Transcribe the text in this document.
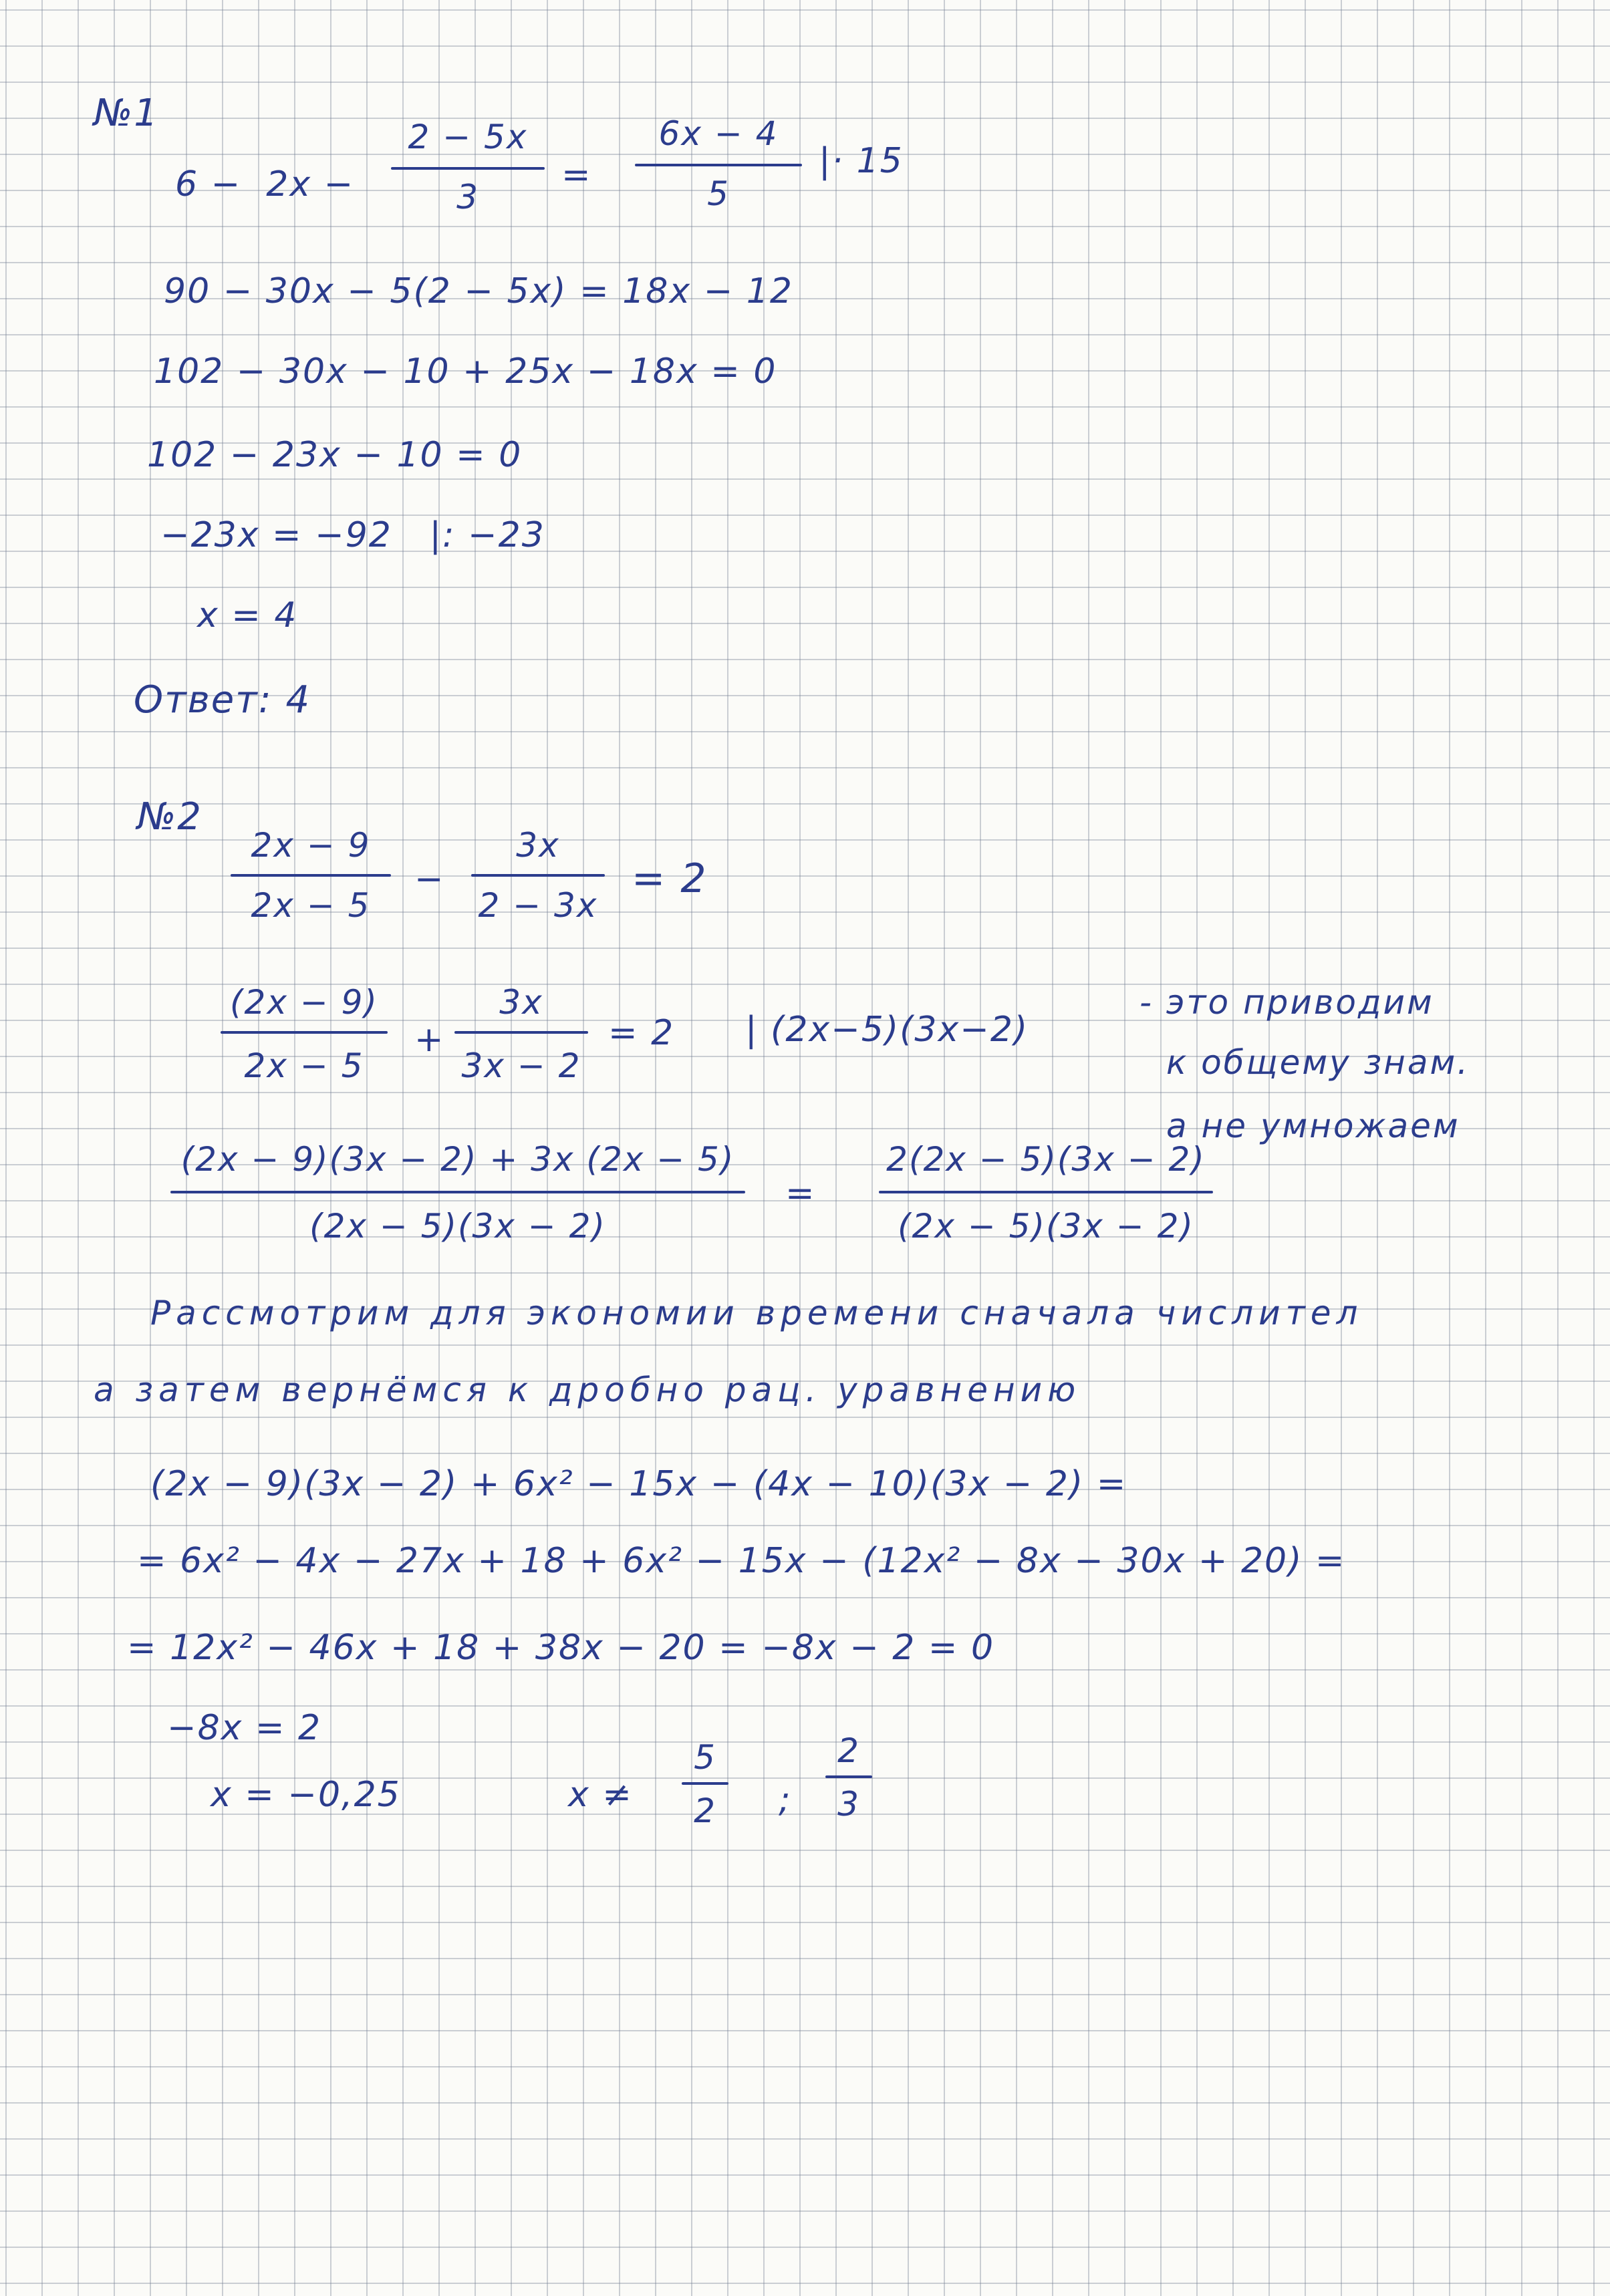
№1
6 −  2x −
2 − 5x
3
=
6x − 4
5
|· 15
90 − 30x − 5(2 − 5x) = 18x − 12
102 − 30x − 10 + 25x − 18x = 0
102 − 23x − 10 = 0
−23x = −92   |: −23
x = 4
Ответ: 4
№2
2x − 9
2x − 5
−
3x
2 − 3x
= 2
(2x − 9)
2x − 5
+
3x
3x − 2
= 2 | (2x−5)(3x−2)
- это приводим
к общему знам.
а не умножаем
(2x − 9)(3x − 2) + 3x (2x − 5)
(2x − 5)(3x − 2)
=
2(2x − 5)(3x − 2)
(2x − 5)(3x − 2)
Рассмотрим для экономии времени сначала числител
а затем вернёмся к дробно рац. уравнению
(2x − 9)(3x − 2) + 6x² − 15x − (4x − 10)(3x − 2) =
= 6x² − 4x − 27x + 18 + 6x² − 15x − (12x² − 8x − 30x + 20) =
= 12x² − 46x + 18 + 38x − 20 = −8x − 2 = 0
−8x = 2
x = −0,25	x ≠
5
2	;
2
3
